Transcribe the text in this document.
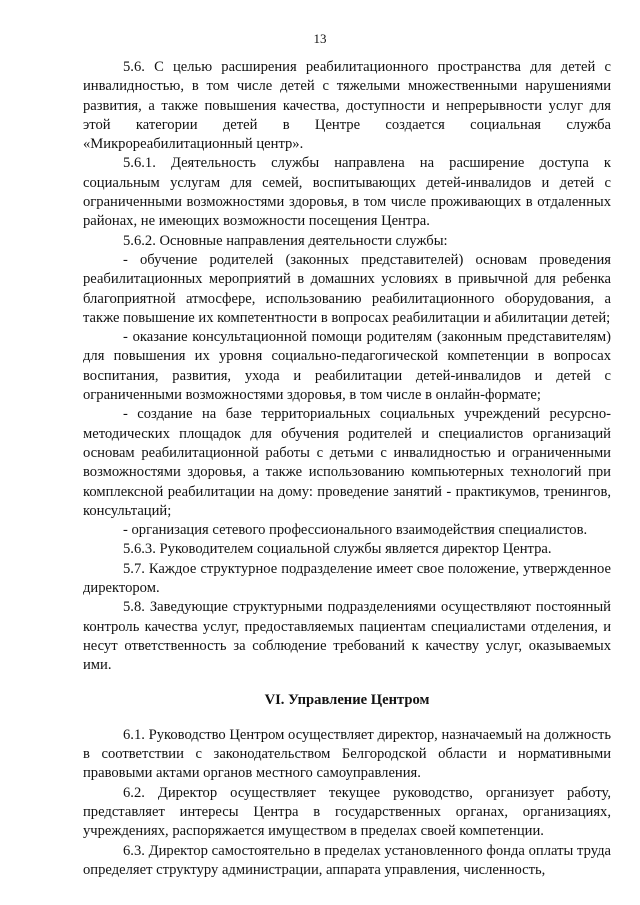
13

5.6. С целью расширения реабилитационного пространства для детей с инвалидностью, в том числе детей с тяжелыми множественными нарушениями развития, а также повышения качества, доступности и непрерывности услуг для этой категории детей в Центре создается социальная служба «Микрореабилитационный центр».

5.6.1. Деятельность службы направлена на расширение доступа к социальным услугам для семей, воспитывающих детей-инвалидов и детей с ограниченными возможностями здоровья, в том числе проживающих в отдаленных районах, не имеющих возможности посещения Центра.

5.6.2. Основные направления деятельности службы:

- обучение родителей (законных представителей) основам проведения реабилитационных мероприятий в домашних условиях в привычной для ребенка благоприятной атмосфере, использованию реабилитационного оборудования, а также повышение их компетентности в вопросах реабилитации и абилитации детей;

- оказание консультационной помощи родителям (законным представителям) для повышения их уровня социально-педагогической компетенции в вопросах воспитания, развития, ухода и реабилитации детей-инвалидов и детей с ограниченными возможностями здоровья, в том числе в онлайн-формате;

- создание на базе территориальных социальных учреждений ресурсно-методических площадок для обучения родителей и специалистов организаций основам реабилитационной работы с детьми с инвалидностью и ограниченными возможностями здоровья, а также использованию компьютерных технологий при комплексной реабилитации на дому: проведение занятий - практикумов, тренингов, консультаций;

- организация сетевого профессионального взаимодействия специалистов.

5.6.3. Руководителем социальной службы является директор Центра.

5.7. Каждое структурное подразделение имеет свое положение, утвержденное директором.

5.8. Заведующие структурными подразделениями осуществляют постоянный контроль качества услуг, предоставляемых пациентам специалистами отделения, и несут ответственность за соблюдение требований к качеству услуг, оказываемых ими.

VI. Управление Центром

6.1. Руководство Центром осуществляет директор, назначаемый на должность в соответствии с законодательством Белгородской области и нормативными правовыми актами органов местного самоуправления.

6.2. Директор осуществляет текущее руководство, организует работу, представляет интересы Центра в государственных органах, организациях, учреждениях, распоряжается имуществом в пределах своей компетенции.

6.3. Директор самостоятельно в пределах установленного фонда оплаты труда определяет структуру администрации, аппарата управления, численность,
